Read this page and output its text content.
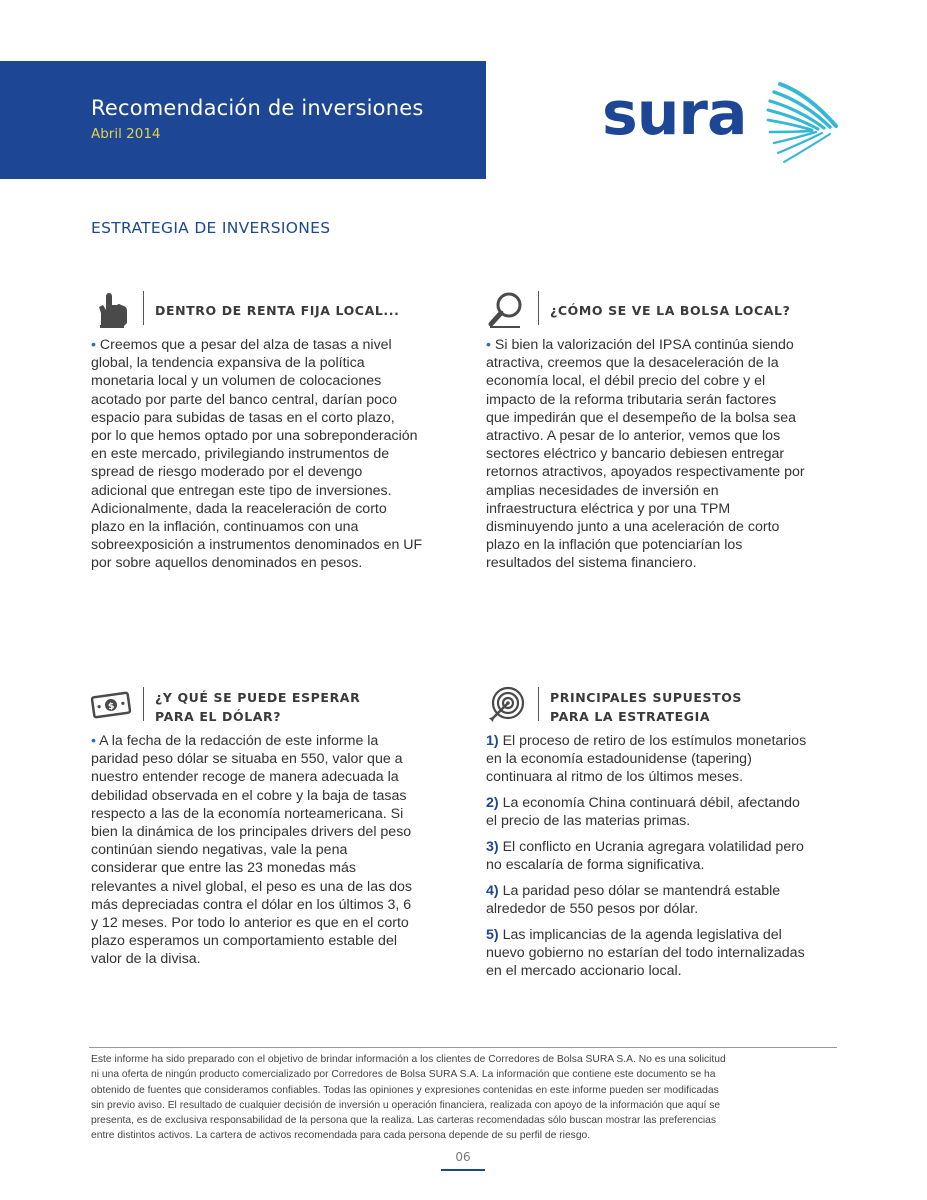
Recomendación de inversiones
Abril 2014	sura
ESTRATEGIA DE INVERSIONES
DENTRO DE RENTA FIJA LOCAL...

• Creemos que a pesar del alza de tasas a nivel
global, la tendencia expansiva de la política
monetaria local y un volumen de colocaciones
acotado por parte del banco central, darían poco
espacio para subidas de tasas en el corto plazo,
por lo que hemos optado por una sobreponderación
en este mercado, privilegiando instrumentos de
spread de riesgo moderado por el devengo
adicional que entregan este tipo de inversiones.
Adicionalmente, dada la reaceleración de corto
plazo en la inflación, continuamos con una
sobreexposición a instrumentos denominados en UF
por sobre aquellos denominados en pesos.

¿CÓMO SE VE LA BOLSA LOCAL?

• Si bien la valorización del IPSA continúa siendo
atractiva, creemos que la desaceleración de la
economía local, el débil precio del cobre y el
impacto de la reforma tributaria serán factores
que impedirán que el desempeño de la bolsa sea
atractivo. A pesar de lo anterior, vemos que los
sectores eléctrico y bancario debiesen entregar
retornos atractivos, apoyados respectivamente por
amplias necesidades de inversión en
infraestructura eléctrica y por una TPM
disminuyendo junto a una aceleración de corto
plazo en la inflación que potenciarían los
resultados del sistema financiero.

$
¿Y QUÉ SE PUEDE ESPERAR
PARA EL DÓLAR?

• A la fecha de la redacción de este informe la
paridad peso dólar se situaba en 550, valor que a
nuestro entender recoge de manera adecuada la
debilidad observada en el cobre y la baja de tasas
respecto a las de la economía norteamericana. Si
bien la dinámica de los principales drivers del peso
continúan siendo negativas, vale la pena
considerar que entre las 23 monedas más
relevantes a nivel global, el peso es una de las dos
más depreciadas contra el dólar en los últimos 3, 6
y 12 meses. Por todo lo anterior es que en el corto
plazo esperamos un comportamiento estable del
valor de la divisa.

PRINCIPALES SUPUESTOS
PARA LA ESTRATEGIA

1) El proceso de retiro de los estímulos monetarios
en la economía estadounidense (tapering)
continuara al ritmo de los últimos meses.

2) La economía China continuará débil, afectando
el precio de las materias primas.

3) El conflicto en Ucrania agregara volatilidad pero
no escalaría de forma significativa.

4) La paridad peso dólar se mantendrá estable
alrededor de 550 pesos por dólar.

5) Las implicancias de la agenda legislativa del
nuevo gobierno no estarían del todo internalizadas
en el mercado accionario local.

Este informe ha sido preparado con el objetivo de brindar información a los clientes de Corredores de Bolsa SURA S.A. No es una solicitud
ni una oferta de ningún producto comercializado por Corredores de Bolsa SURA S.A. La información que contiene este documento se ha
obtenido de fuentes que consideramos confiables. Todas las opiniones y expresiones contenidas en este informe pueden ser modificadas
sin previo aviso. El resultado de cualquier decisión de inversión u operación financiera, realizada con apoyo de la información que aquí se
presenta, es de exclusiva responsabilidad de la persona que la realiza. Las carteras recomendadas sólo buscan mostrar las preferencias
entre distintos activos. La cartera de activos recomendada para cada persona depende de su perfil de riesgo.
06
